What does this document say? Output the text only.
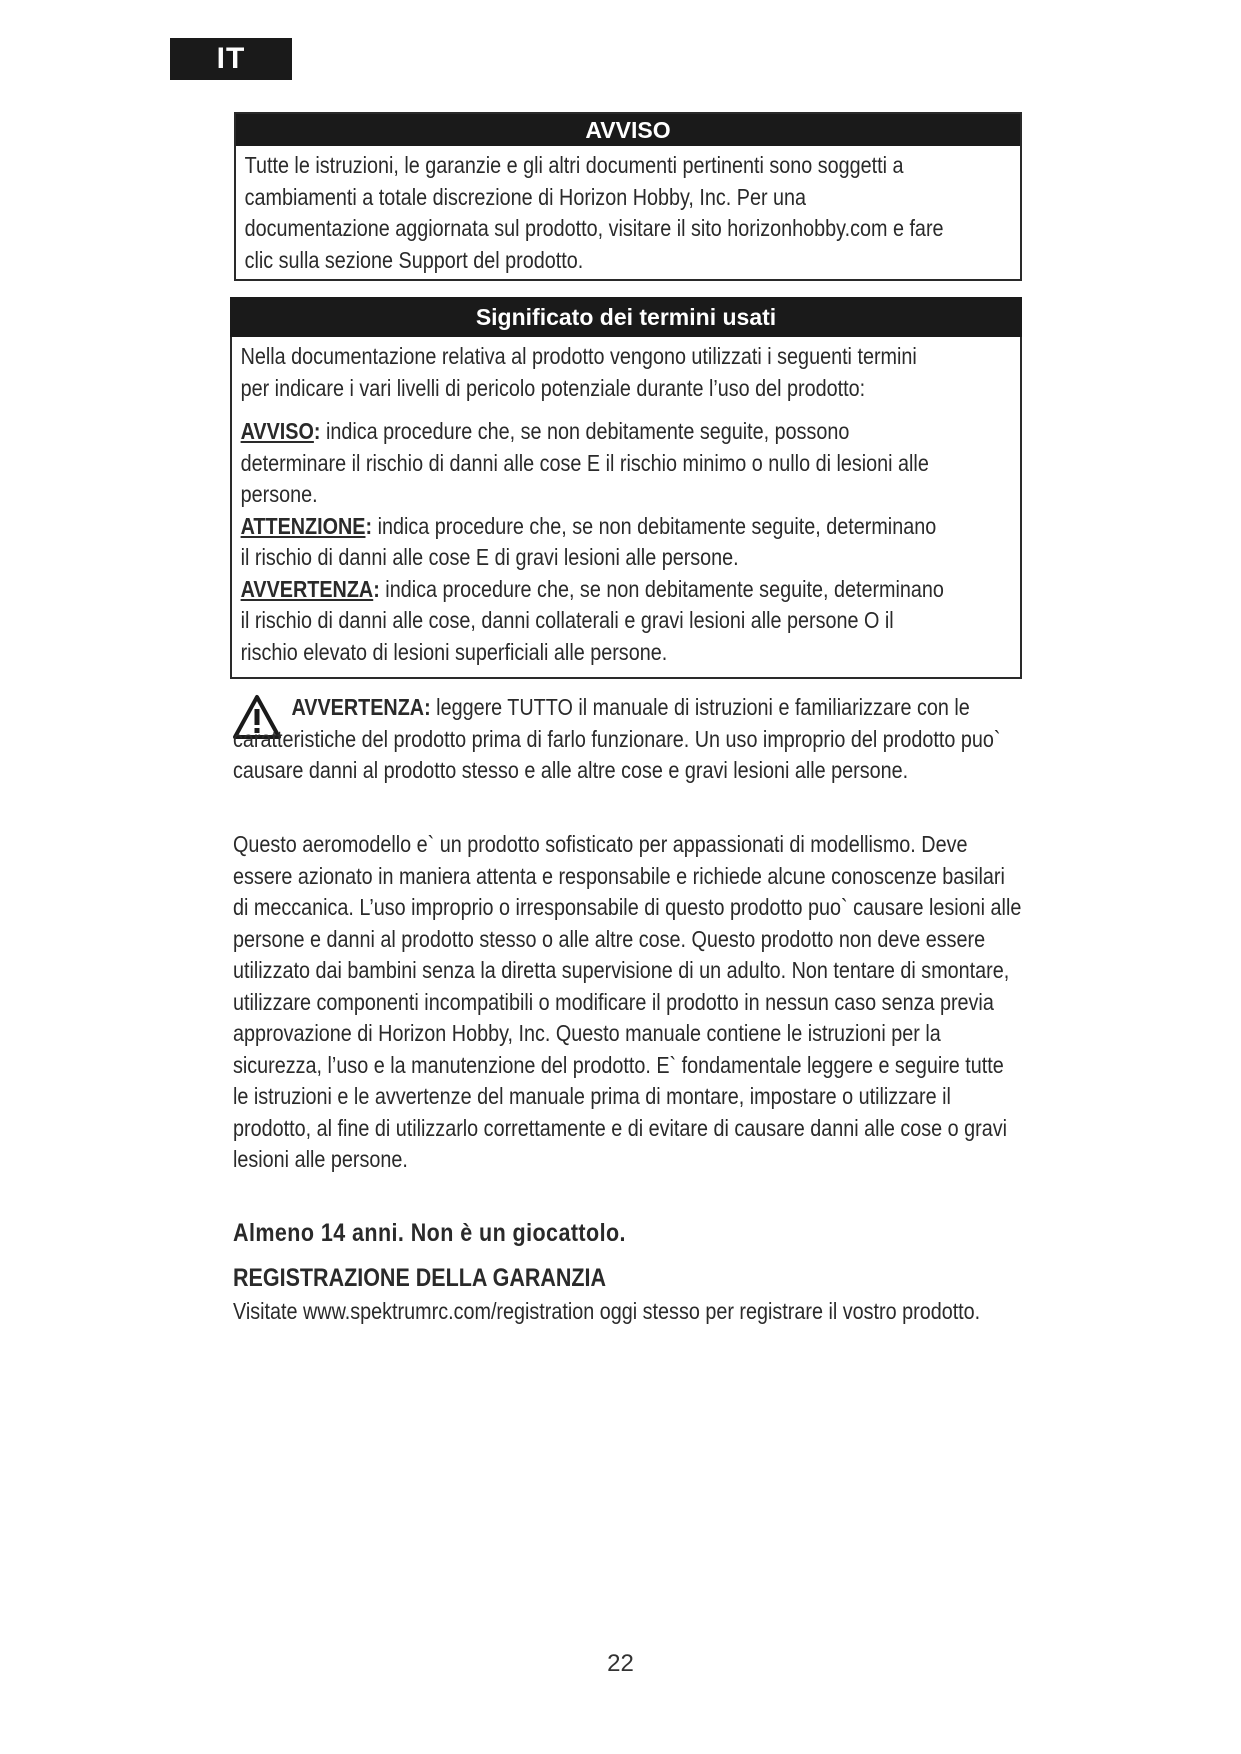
IT
AVVISO
Tutte le istruzioni, le garanzie e gli altri documenti pertinenti sono soggetti a cambiamenti a totale discrezione di Horizon Hobby, Inc. Per una documentazione aggiornata sul prodotto, visitare il sito horizonhobby.com e fare clic sulla sezione Support del prodotto.
Significato dei termini usati

Nella documentazione relativa al prodotto vengono utilizzati i seguenti termini per indicare i vari livelli di pericolo potenziale durante l’uso del prodotto:

AVVISO: indica procedure che, se non debitamente seguite, possono determinare il rischio di danni alle cose E il rischio minimo o nullo di lesioni alle persone.

ATTENZIONE: indica procedure che, se non debitamente seguite, determinano il rischio di danni alle cose E di gravi lesioni alle persone.

AVVERTENZA: indica procedure che, se non debitamente seguite, determinano il rischio di danni alle cose, danni collaterali e gravi lesioni alle persone O il rischio elevato di lesioni superficiali alle persone.

AVVERTENZA: leggere TUTTO il manuale di istruzioni e familiarizzare con le caratteristiche del prodotto prima di farlo funzionare. Un uso improprio del prodotto puo` causare danni al prodotto stesso e alle altre cose e gravi lesioni alle persone.
Questo aeromodello e` un prodotto sofisticato per appassionati di modellismo. Deve essere azionato in maniera attenta e responsabile e richiede alcune conoscenze basilari di meccanica. L’uso improprio o irresponsabile di questo prodotto puo` causare lesioni alle persone e danni al prodotto stesso o alle altre cose. Questo prodotto non deve essere utilizzato dai bambini senza la diretta supervisione di un adulto. Non tentare di smontare, utilizzare componenti incompatibili o modificare il prodotto in nessun caso senza previa approvazione di Horizon Hobby, Inc. Questo manuale contiene le istruzioni per la sicurezza, l’uso e la manutenzione del prodotto. E` fondamentale leggere e seguire tutte le istruzioni e le avvertenze del manuale prima di montare, impostare o utilizzare il prodotto, al fine di utilizzarlo correttamente e di evitare di causare danni alle cose o gravi lesioni alle persone.
Almeno 14 anni. Non è un giocattolo.
REGISTRAZIONE DELLA GARANZIA
Visitate www.spektrumrc.com/registration oggi stesso per registrare il vostro prodotto.
22
